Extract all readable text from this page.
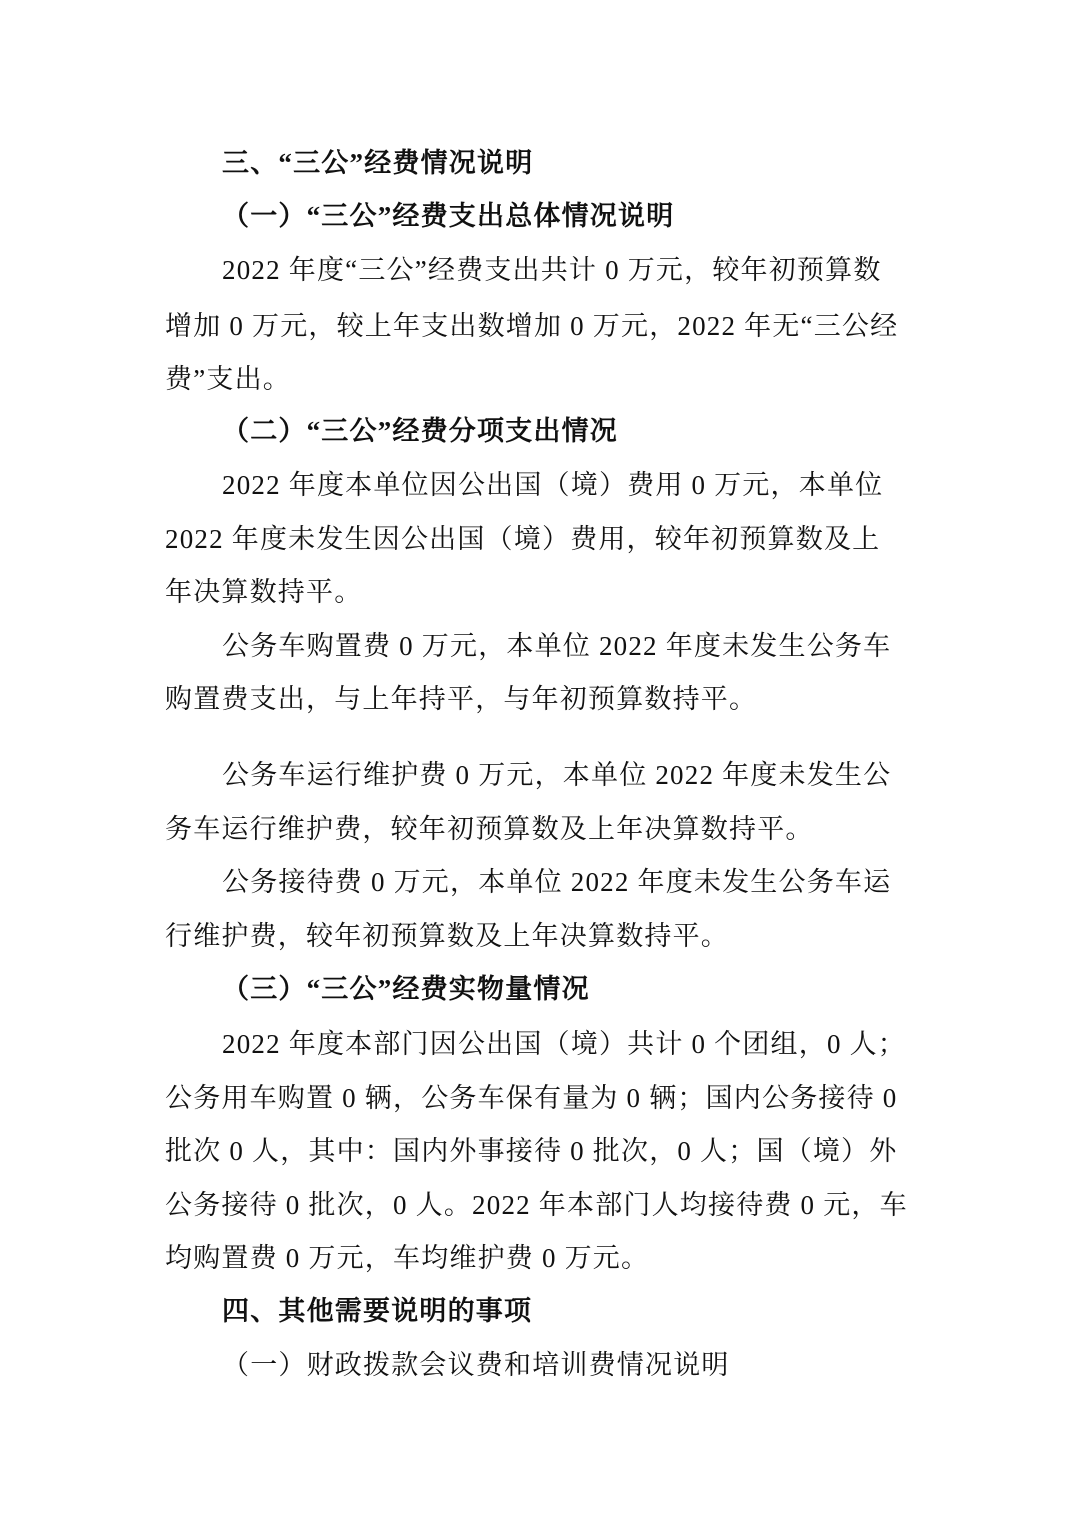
三、“三公”经费情况说明
（一）“三公”经费支出总体情况说明
2022 年度“三公”经费支出共计 0 万元，较年初预算数
增加 0 万元，较上年支出数增加 0 万元，2022 年无“三公经
费”支出。
（二）“三公”经费分项支出情况
2022 年度本单位因公出国（境）费用 0 万元，本单位
2022 年度未发生因公出国（境）费用，较年初预算数及上
年决算数持平。
公务车购置费 0 万元，本单位 2022 年度未发生公务车
购置费支出，与上年持平，与年初预算数持平。
公务车运行维护费 0 万元，本单位 2022 年度未发生公
务车运行维护费，较年初预算数及上年决算数持平。
公务接待费 0 万元，本单位 2022 年度未发生公务车运
行维护费，较年初预算数及上年决算数持平。
（三）“三公”经费实物量情况
2022 年度本部门因公出国（境）共计 0 个团组，0 人；
公务用车购置 0 辆，公务车保有量为 0 辆；国内公务接待 0
批次 0 人，其中：国内外事接待 0 批次，0 人；国（境）外
公务接待 0 批次，0 人。2022 年本部门人均接待费 0 元，车
均购置费 0 万元，车均维护费 0 万元。
四、其他需要说明的事项
（一）财政拨款会议费和培训费情况说明
